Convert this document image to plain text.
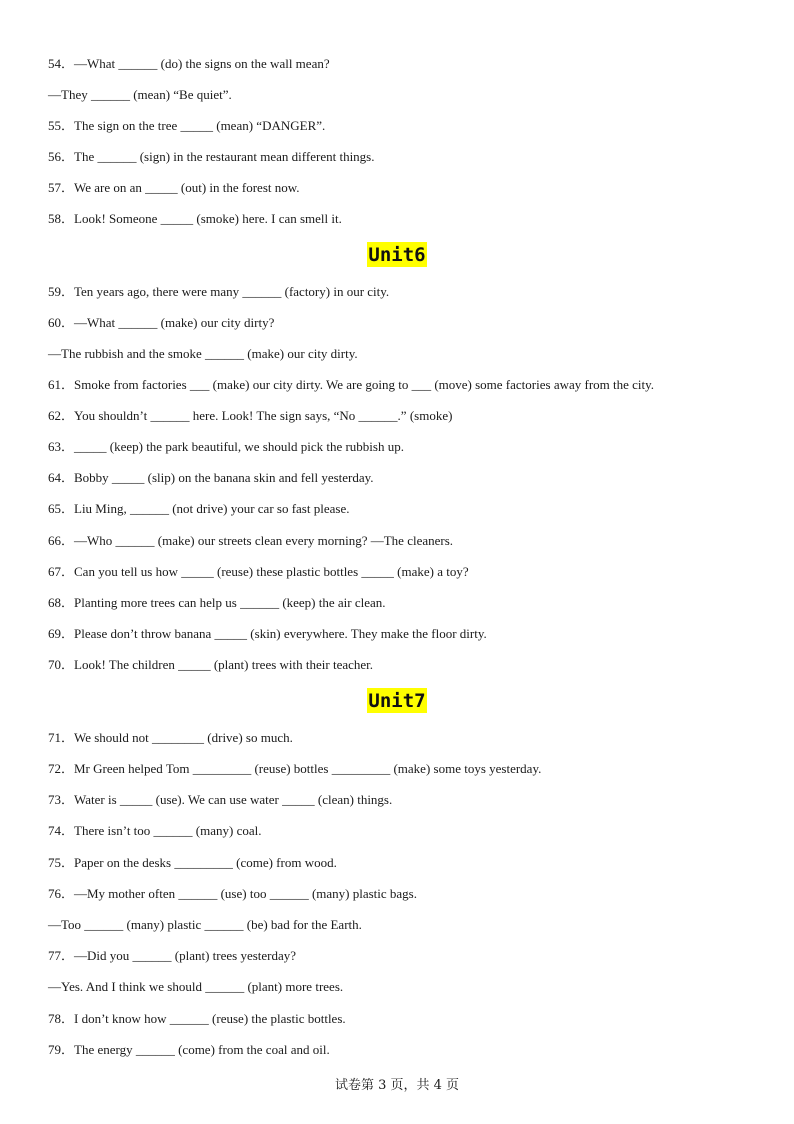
54．—What ______ (do) the signs on the wall mean?
—They ______ (mean) “Be quiet”.
55．The sign on the tree _____ (mean) “DANGER”.
56．The ______ (sign) in the restaurant mean different things.
57．We are on an _____ (out) in the forest now.
58．Look! Someone _____ (smoke) here. I can smell it.
Unit6
59．Ten years ago, there were many ______ (factory) in our city.
60．—What ______ (make) our city dirty?
—The rubbish and the smoke ______ (make) our city dirty.
61．Smoke from factories ___ (make) our city dirty. We are going to ___ (move) some factories away from the city.
62．You shouldn’t ______ here. Look! The sign says, “No ______.” (smoke)
63．_____ (keep) the park beautiful, we should pick the rubbish up.
64．Bobby _____ (slip) on the banana skin and fell yesterday.
65．Liu Ming, ______ (not drive) your car so fast please.
66．—Who ______ (make) our streets clean every morning? —The cleaners.
67．Can you tell us how _____ (reuse) these plastic bottles _____ (make) a toy?
68．Planting more trees can help us ______ (keep) the air clean.
69．Please don’t throw banana _____ (skin) everywhere. They make the floor dirty.
70．Look! The children _____ (plant) trees with their teacher.
Unit7
71．We should not ________ (drive) so much.
72．Mr Green helped Tom _________ (reuse) bottles _________ (make) some toys yesterday.
73．Water is _____ (use). We can use water _____ (clean) things.
74．There isn’t too ______ (many) coal.
75．Paper on the desks _________ (come) from wood.
76．—My mother often ______ (use) too ______ (many) plastic bags.
—Too ______ (many) plastic ______ (be) bad for the Earth.
77．—Did you ______ (plant) trees yesterday?
—Yes. And I think we should ______ (plant) more trees.
78．I don’t know how ______ (reuse) the plastic bottles.
79．The energy ______ (come) from the coal and oil.
试卷第 3 页，共 4 页
